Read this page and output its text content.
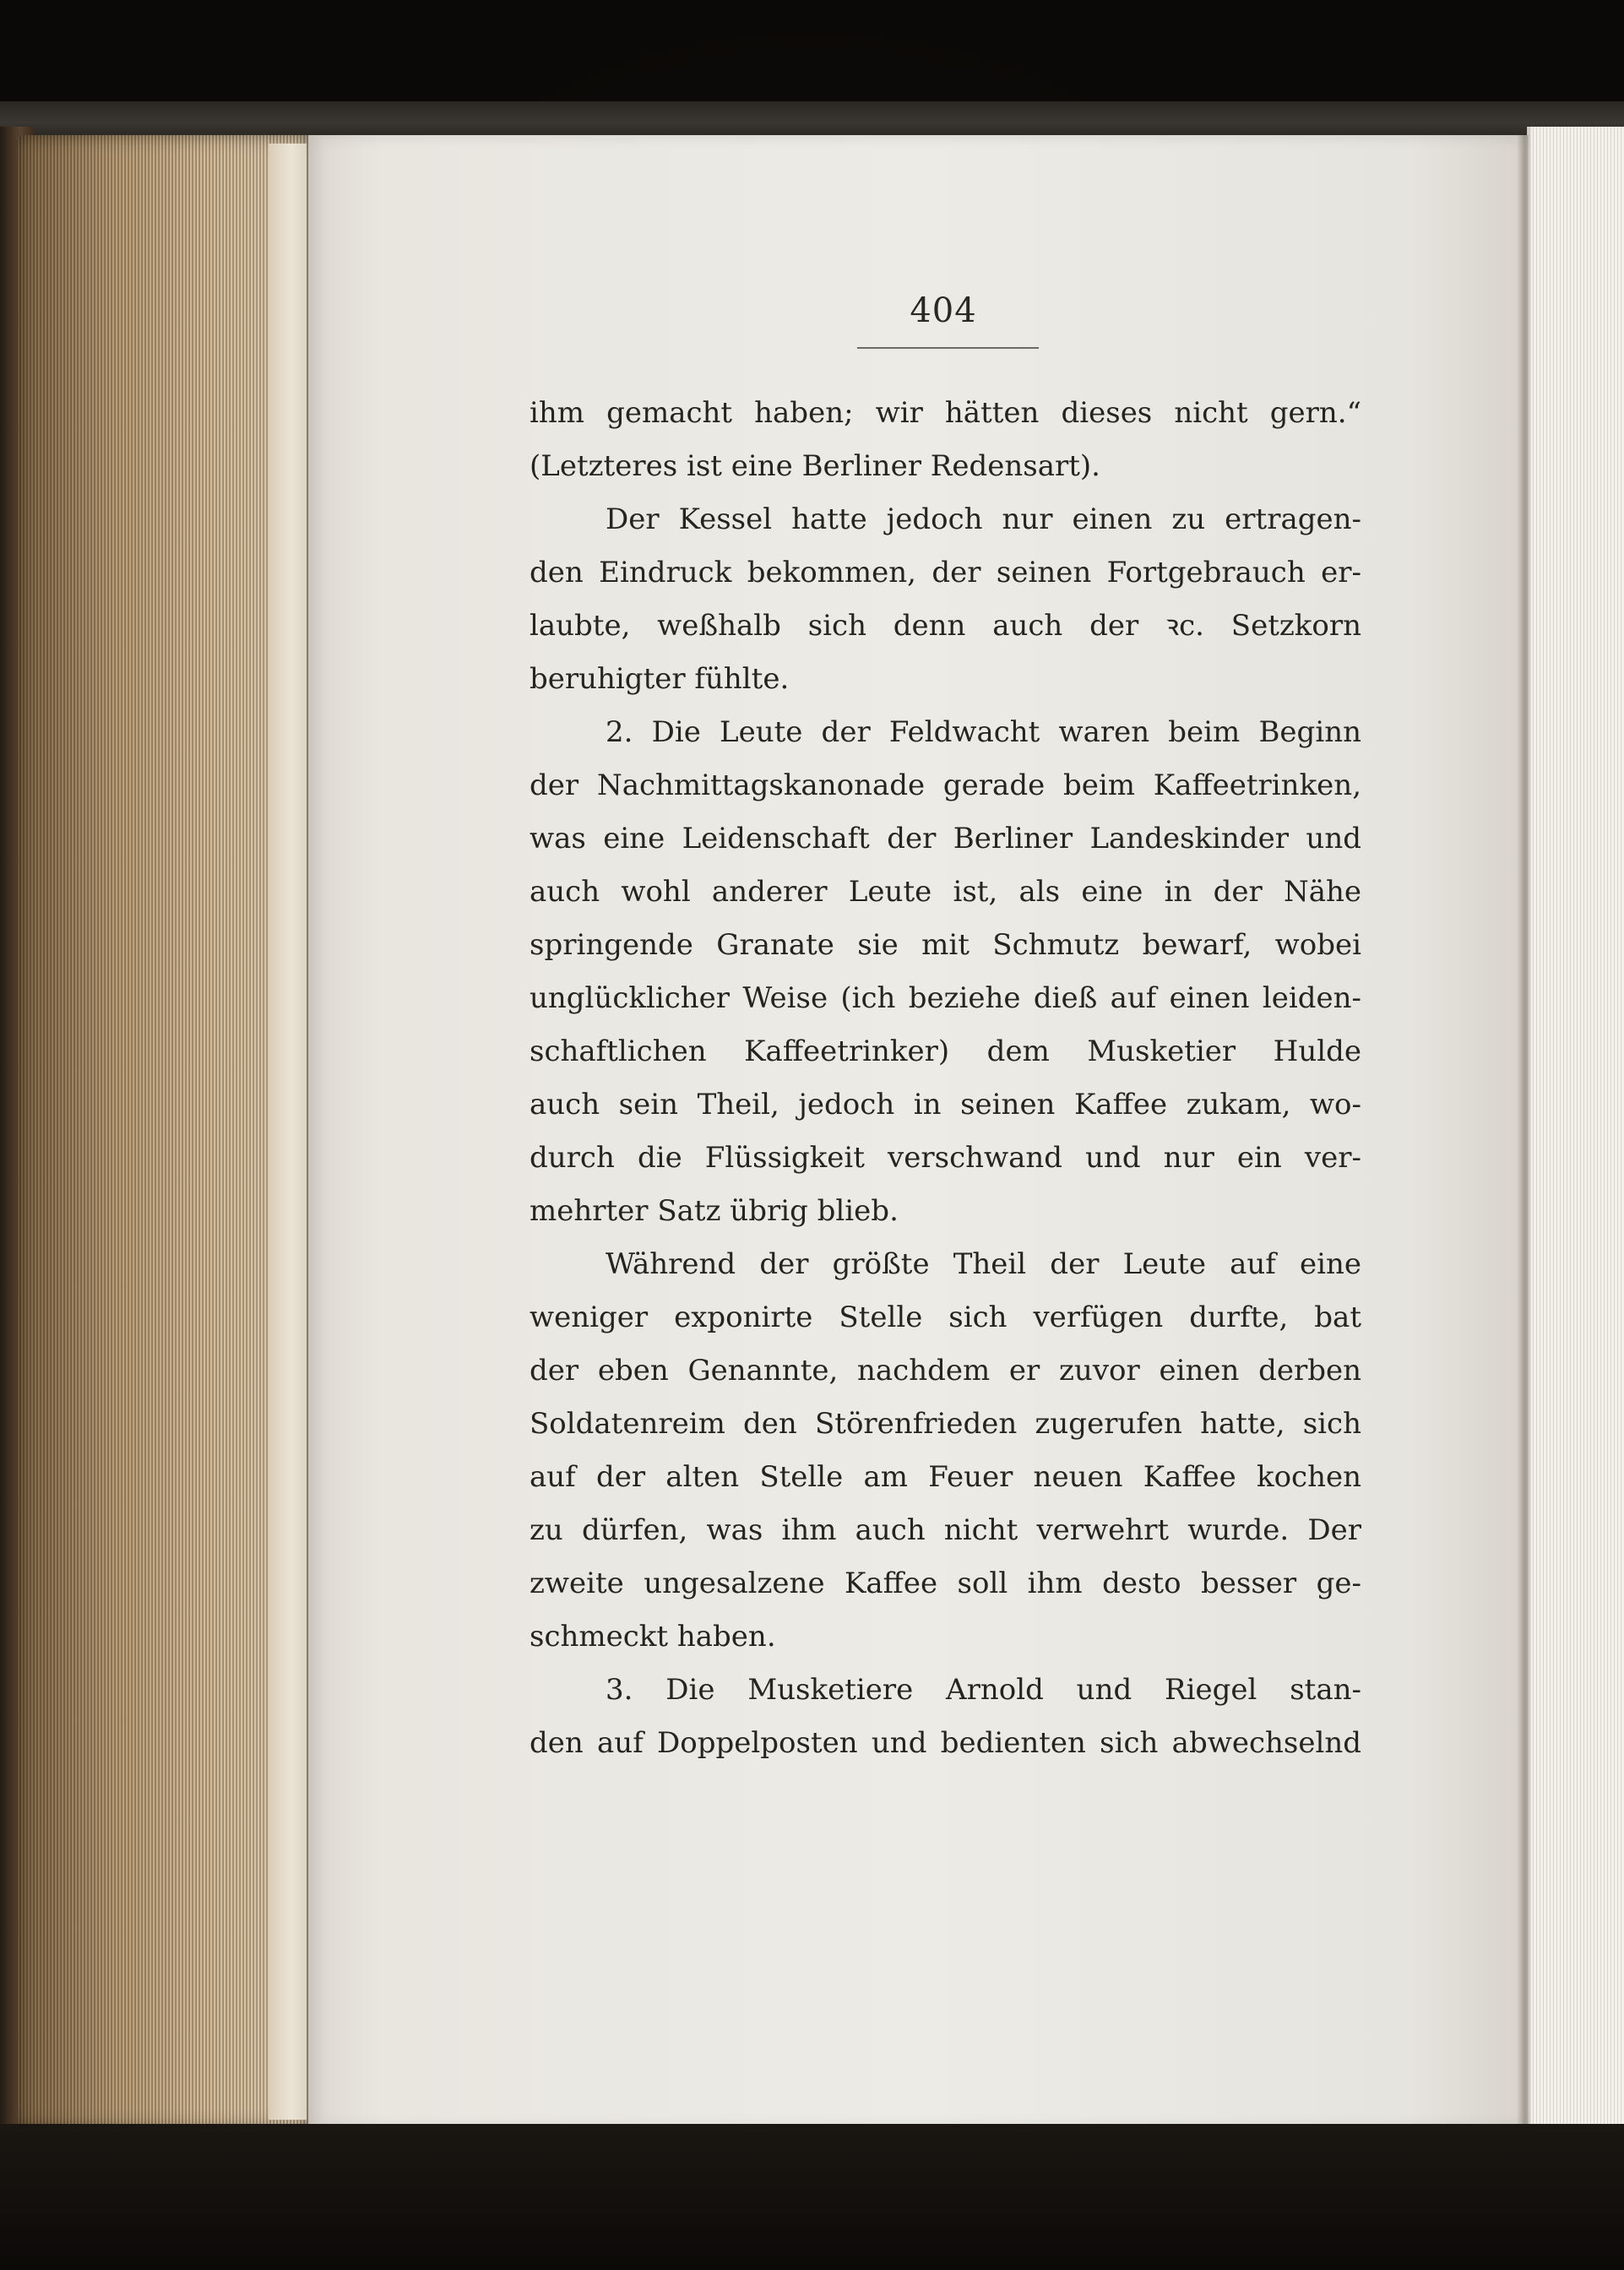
404
ihm gemacht haben; wir hätten dieses nicht gern.“
(Letzteres ist eine Berliner Redensart).
Der Kessel hatte jedoch nur einen zu ertragen-
den Eindruck bekommen, der seinen Fortgebrauch er-
laubte, weßhalb sich denn auch der ꝛc. Setzkorn
beruhigter fühlte.
2. Die Leute der Feldwacht waren beim Beginn
der Nachmittagskanonade gerade beim Kaffeetrinken,
was eine Leidenschaft der Berliner Landeskinder und
auch wohl anderer Leute ist, als eine in der Nähe
springende Granate sie mit Schmutz bewarf, wobei
unglücklicher Weise (ich beziehe dieß auf einen leiden-
schaftlichen Kaffeetrinker) dem Musketier Hulde
auch sein Theil, jedoch in seinen Kaffee zukam, wo-
durch die Flüssigkeit verschwand und nur ein ver-
mehrter Satz übrig blieb.
Während der größte Theil der Leute auf eine
weniger exponirte Stelle sich verfügen durfte, bat
der eben Genannte, nachdem er zuvor einen derben
Soldatenreim den Störenfrieden zugerufen hatte, sich
auf der alten Stelle am Feuer neuen Kaffee kochen
zu dürfen, was ihm auch nicht verwehrt wurde. Der
zweite ungesalzene Kaffee soll ihm desto besser ge-
schmeckt haben.
3. Die Musketiere Arnold und Riegel stan-
den auf Doppelposten und bedienten sich abwechselnd
